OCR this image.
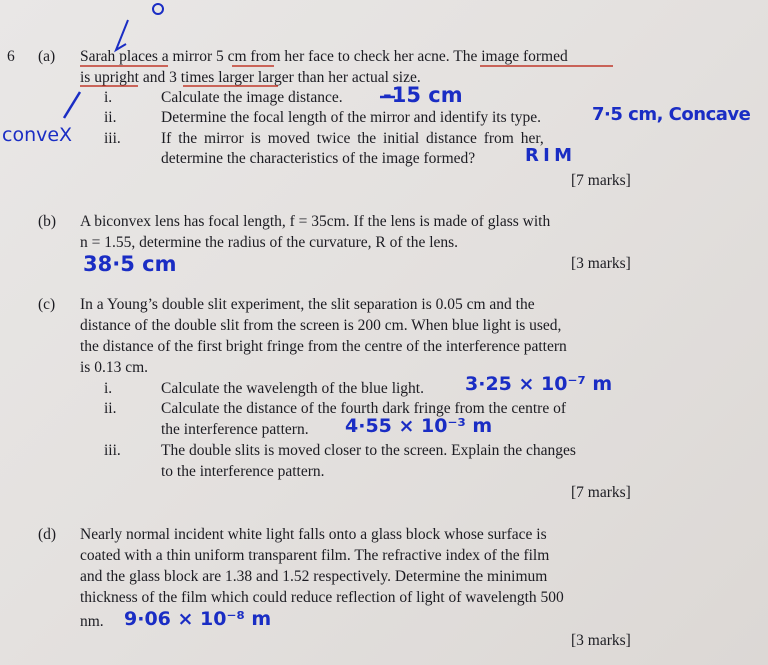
6 (a) Sarah places a mirror 5 cm from her face to check her acne. The image formed
is upright and 3 times larger larger than her actual size.
i.	Calculate the image distance. -15 cm
ii.	Determine the focal length of the mirror and identify its type.	7·5 cm, Concave
conveX iii.	If the mirror is moved twice the initial distance from her,
determine the characteristics of the image formed?	R I M
[7 marks]
(b) A biconvex lens has focal length, f = 35cm. If the lens is made of glass with
n = 1.55, determine the radius of the curvature, R of the lens.
38·5 cm	[3 marks]
(c) In a Young’s double slit experiment, the slit separation is 0.05 cm and the
distance of the double slit from the screen is 200 cm. When blue light is used,
the distance of the first bright fringe from the centre of the interference pattern
is 0.13 cm.
i.	Calculate the wavelength of the blue light. 3·25 × 10⁻⁷ m
ii.	Calculate the distance of the fourth dark fringe from the centre of
the interference pattern. 4·55 × 10⁻³ m
iii.	The double slits is moved closer to the screen. Explain the changes
to the interference pattern.
[7 marks]
(d) Nearly normal incident white light falls onto a glass block whose surface is
coated with a thin uniform transparent film. The refractive index of the film
and the glass block are 1.38 and 1.52 respectively. Determine the minimum
thickness of the film which could reduce reflection of light of wavelength 500
nm. 9·06 × 10⁻⁸ m
[3 marks]
